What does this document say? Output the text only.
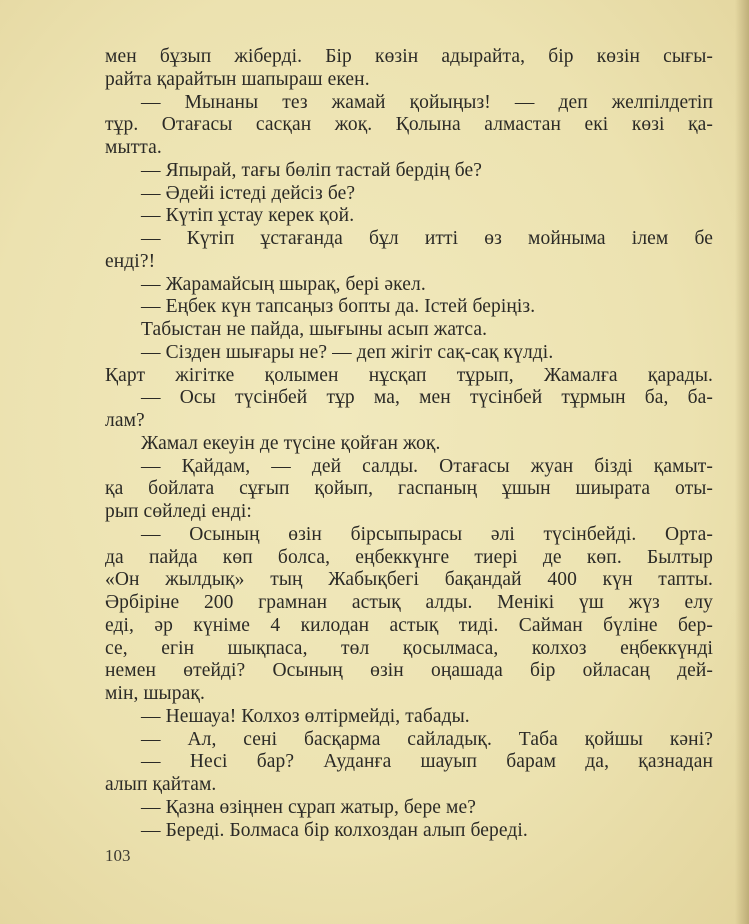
мен бұзып жіберді. Бір көзін адырайта, бір көзін сығы-
райта қарайтын шапыраш екен.
— Мынаны тез жамай қойыңыз! — деп желпілдетіп
тұр. Отағасы сасқан жоқ. Қолына алмастан екі көзі қа-
мытта.
— Япырай, тағы бөліп тастай бердің бе?
— Әдейі істеді дейсіз бе?
— Күтіп ұстау керек қой.
— Күтіп ұстағанда бұл итті өз мойныма ілем бе
енді?!
— Жарамайсың шырақ, бері әкел.
— Еңбек күн тапсаңыз бопты да. Істей беріңіз.
Табыстан не пайда, шығыны асып жатса.
— Сізден шығары не? — деп жігіт сақ-сақ күлді.
Қарт жігітке қолымен нұсқап тұрып, Жамалға қарады.
— Осы түсінбей тұр ма, мен түсінбей тұрмын ба, ба-
лам?
Жамал екеуін де түсіне қойған жоқ.
— Қайдам, — дей салды. Отағасы жуан бізді қамыт-
қа бойлата сұғып қойып, гаспаның ұшын шиырата оты-
рып сөйледі енді:
— Осының өзін бірсыпырасы әлі түсінбейді. Орта-
да пайда көп болса, еңбеккүнге тиері де көп. Былтыр
«Он жылдық» тың Жабықбегі бақандай 400 күн тапты.
Әрбіріне 200 грамнан астық алды. Менікі үш жүз елу
еді, әр күніме 4 килодан астық тиді. Сайман бүліне бер-
се, егін шықпаса, төл қосылмаса, колхоз еңбеккүнді
немен өтейді? Осының өзін оңашада бір ойласаң дей-
мін, шырақ.
— Нешауа! Колхоз өлтірмейді, табады.
— Ал, сені басқарма сайладық. Таба қойшы кәні?
— Несі бар? Ауданға шауып барам да, қазнадан
алып қайтам.
— Қазна өзіңнен сұрап жатыр, бере ме?
— Береді. Болмаса бір колхоздан алып береді.
103
